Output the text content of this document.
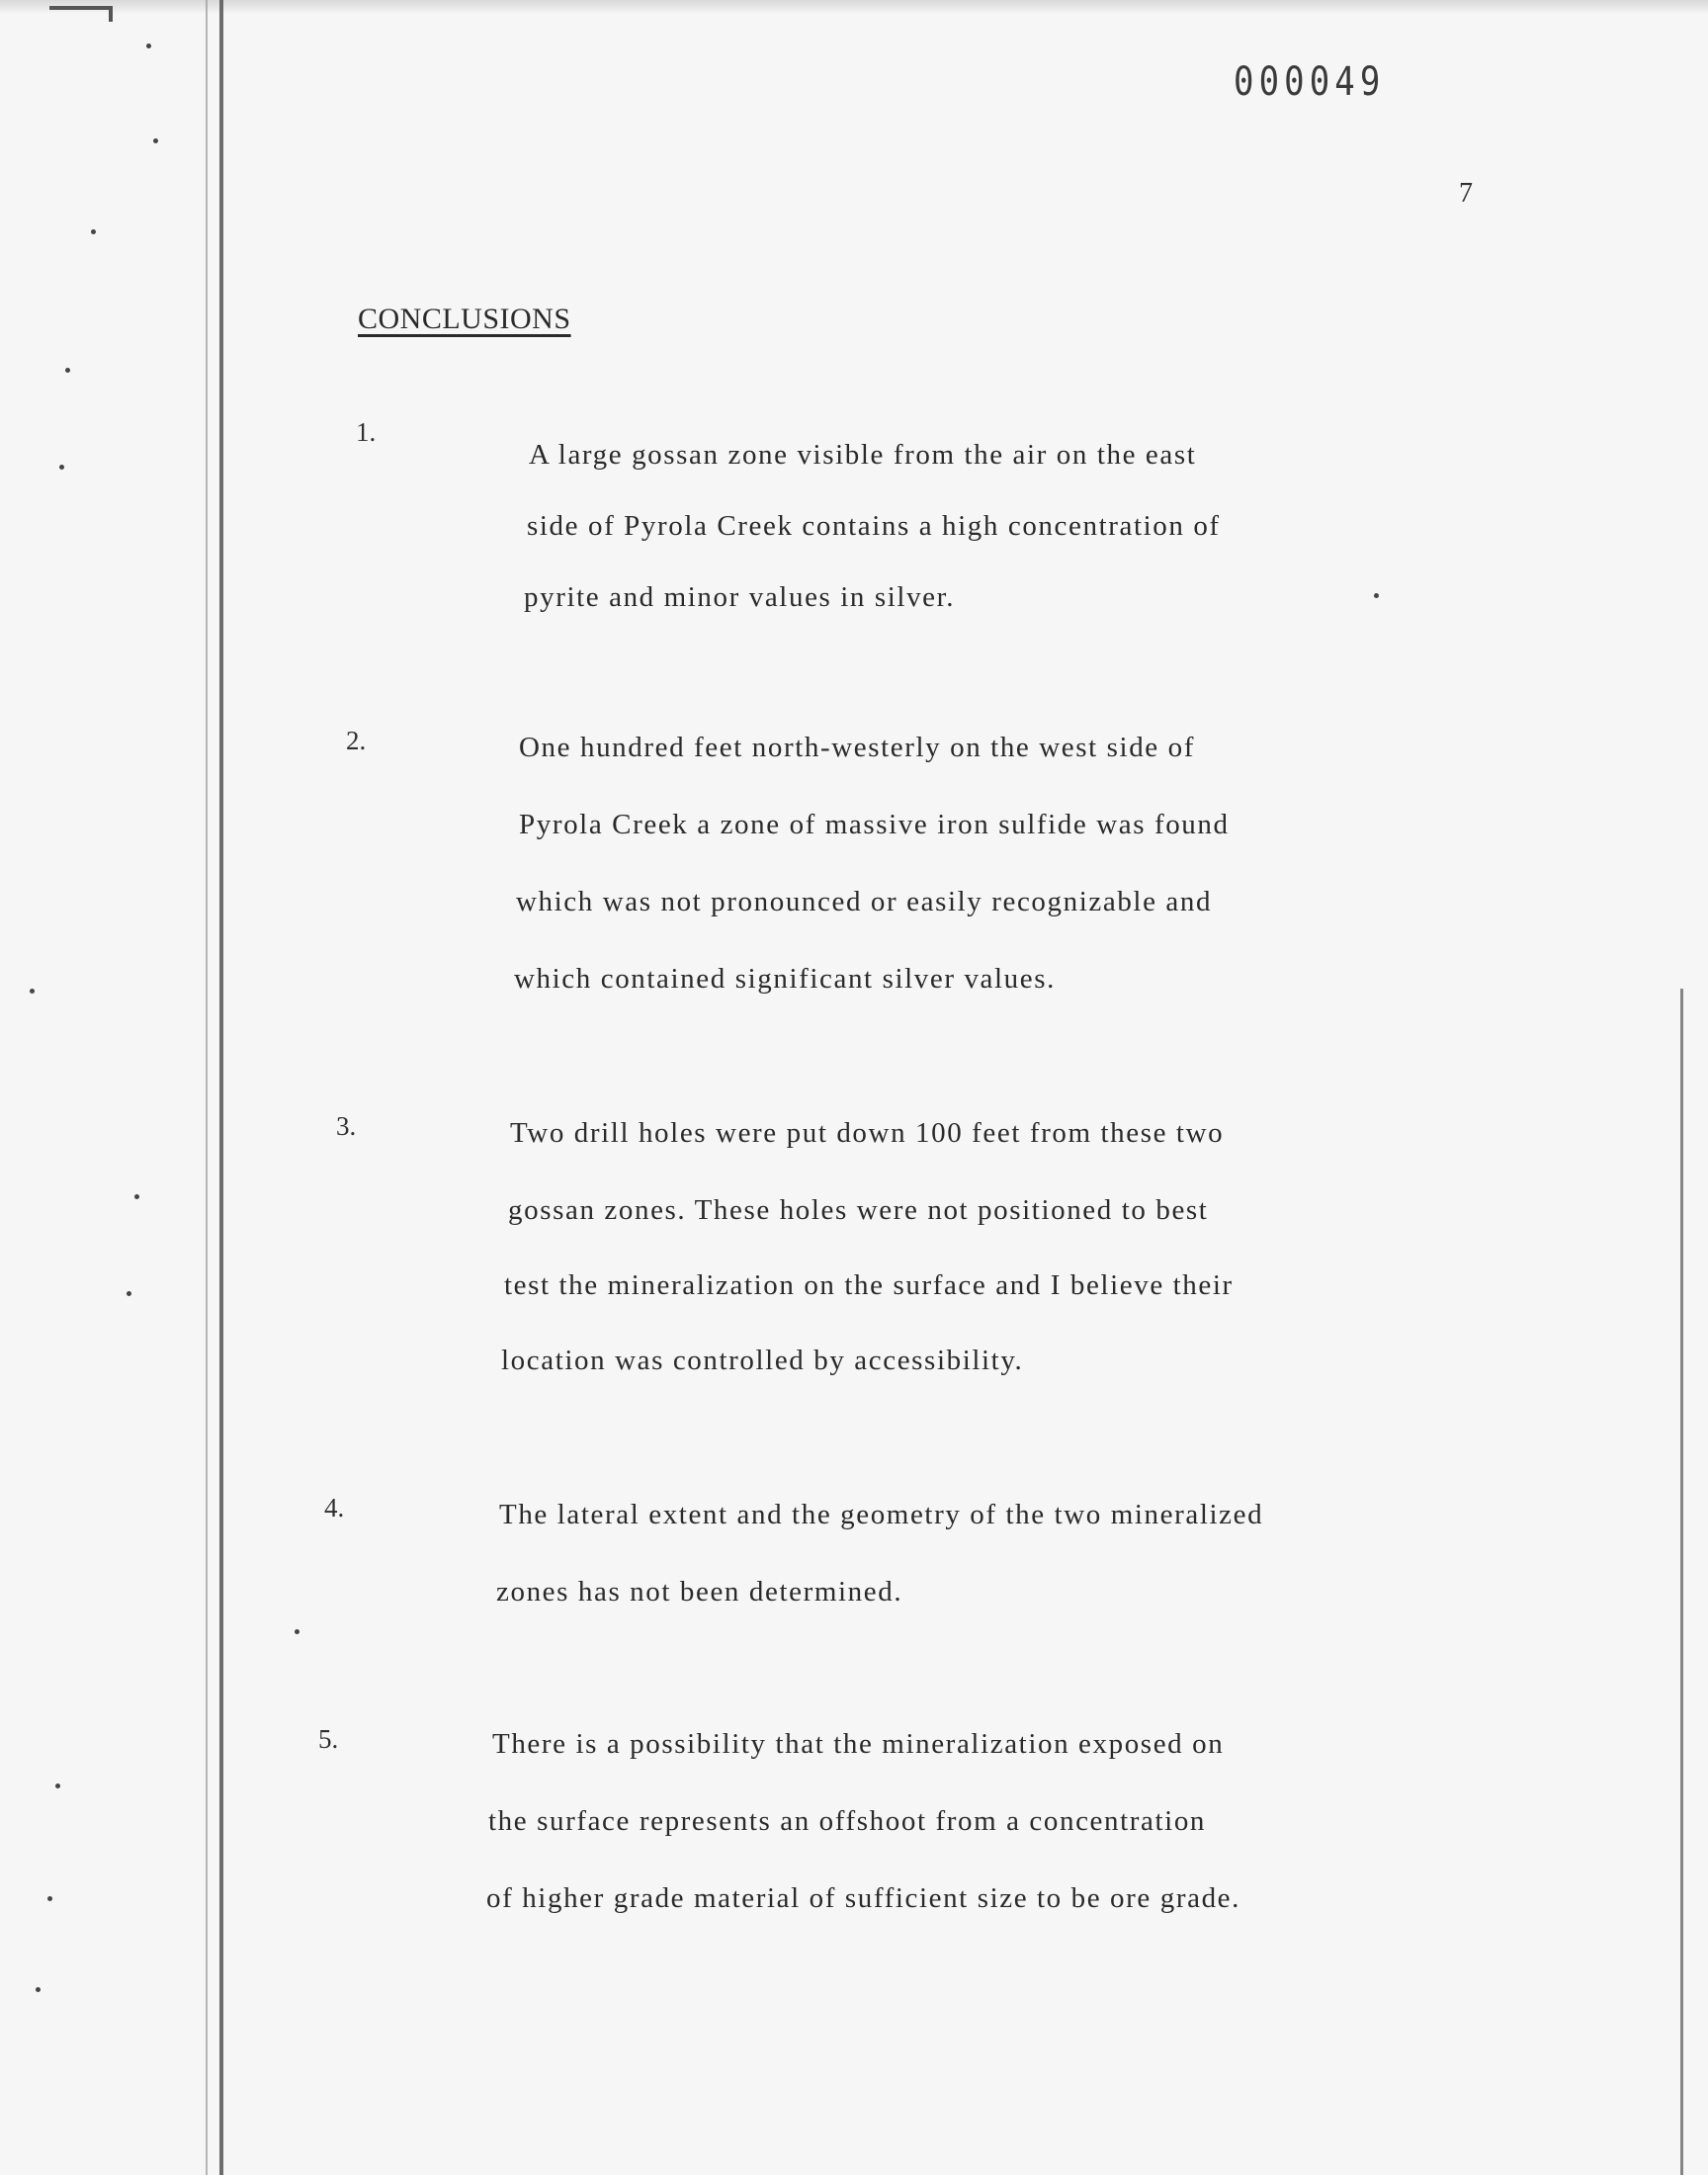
000049
7
CONCLUSIONS
1.
A large gossan zone visible from the air on the east
side of Pyrola Creek contains a high concentration of
pyrite and minor values in silver.
2.	One hundred feet north-westerly on the west side of
Pyrola Creek a zone of massive iron sulfide was found
which was not pronounced or easily recognizable and
which contained significant silver values.
3.	Two drill holes were put down 100 feet from these two
gossan zones. These holes were not positioned to best
test the mineralization on the surface and I believe their
location was controlled by accessibility.
4.	The lateral extent and the geometry of the two mineralized
zones has not been determined.
5.	There is a possibility that the mineralization exposed on
the surface represents an offshoot from a concentration
of higher grade material of sufficient size to be ore grade.
